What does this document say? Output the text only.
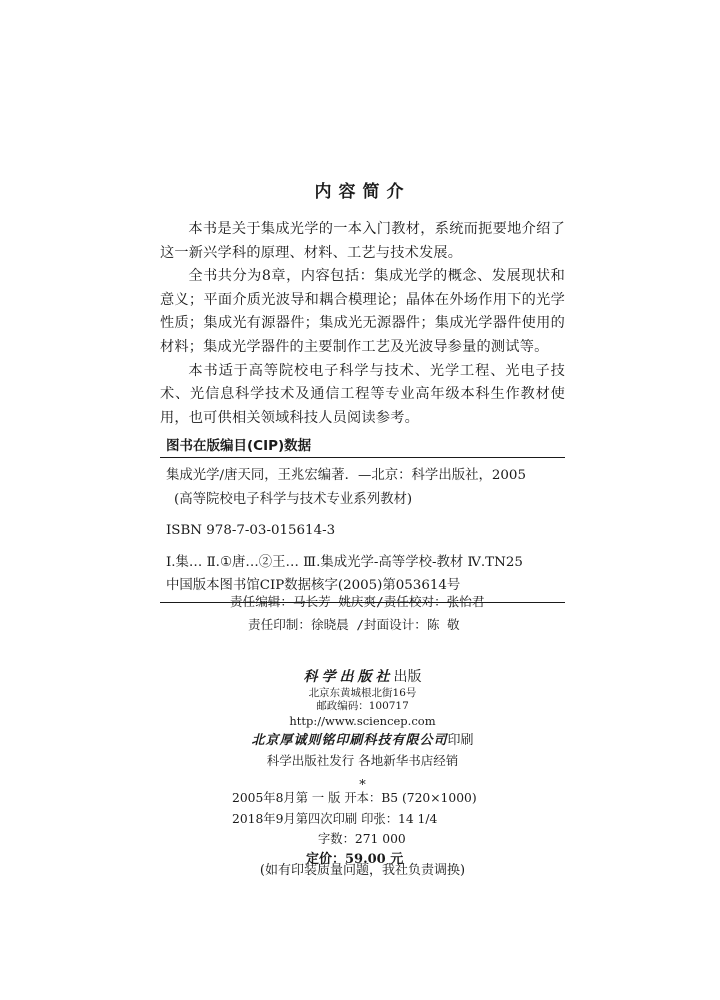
内容简介

本书是关于集成光学的一本入门教材，系统而扼要地介绍了这一新兴学科的原理、材料、工艺与技术发展。

全书共分为8章，内容包括：集成光学的概念、发展现状和意义；平面介质光波导和耦合模理论；晶体在外场作用下的光学性质；集成光有源器件；集成光无源器件；集成光学器件使用的材料；集成光学器件的主要制作工艺及光波导参量的测试等。

本书适于高等院校电子科学与技术、光学工程、光电子技术、光信息科学技术及通信工程等专业高年级本科生作教材使用，也可供相关领域科技人员阅读参考。

图书在版编目(CIP)数据
集成光学/唐天同，王兆宏编著．—北京：科学出版社，2005
(高等院校电子科学与技术专业系列教材)
ISBN 978-7-03-015614-3
Ⅰ.集… Ⅱ.①唐…②王… Ⅲ.集成光学-高等学校-教材 Ⅳ.TN25
中国版本图书馆CIP数据核字(2005)第053614号
责任编辑：马长芳 姚庆爽/责任校对：张怡君
责任印制：徐晓晨 /封面设计：陈 敬
科学出版社出版
北京东黄城根北街16号
邮政编码：100717
http://www.sciencep.com
北京厚诚则铭印刷科技有限公司印刷
科学出版社发行 各地新华书店经销
*
2005年8月第 一 版 开本：B5 (720×1000)
2018年9月第四次印刷 印张：14 1/4
字数：271 000
定价：59.00 元
(如有印装质量问题，我社负责调换)
